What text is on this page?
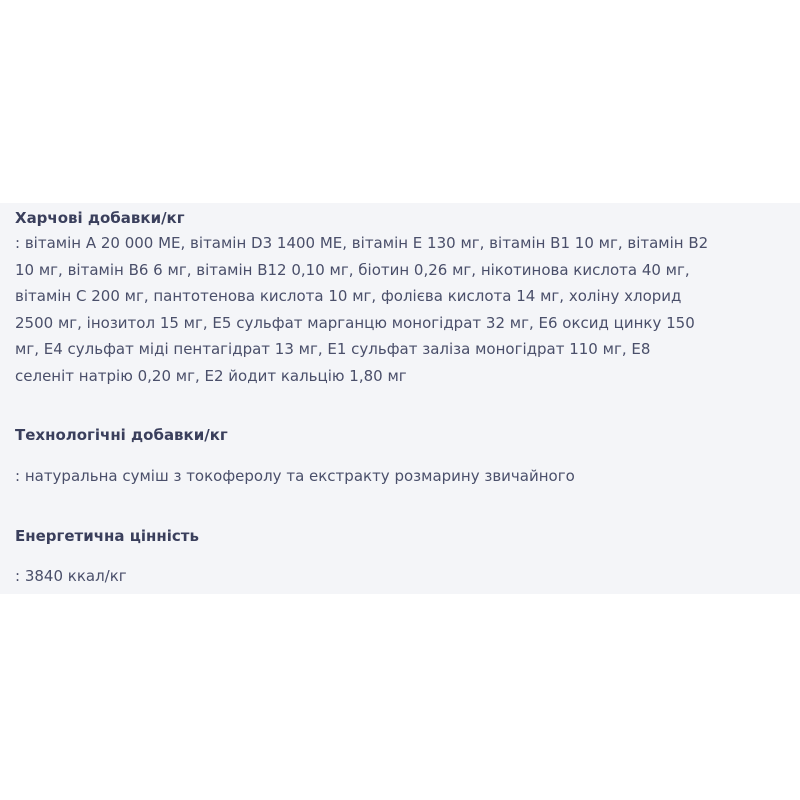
Харчові добавки/кг
: вітамін А 20 000 МЕ, вітамін D3 1400 МЕ, вітамін Е 130 мг, вітамін В1 10 мг, вітамін В2
10 мг, вітамін В6 6 мг, вітамін В12 0,10 мг, біотин 0,26 мг, нікотинова кислота 40 мг,
вітамін С 200 мг, пантотенова кислота 10 мг, фолієва кислота 14 мг, холіну хлорид
2500 мг, інозитол 15 мг, Е5 сульфат марганцю моногідрат 32 мг, Е6 оксид цинку 150
мг, Е4 сульфат міді пентагідрат 13 мг, Е1 сульфат заліза моногідрат 110 мг, Е8
селеніт натрію 0,20 мг, Е2 йодит кальцію 1,80 мг
Технологічні добавки/кг
: натуральна суміш з токоферолу та екстракту розмарину звичайного
Енергетична цінність
: 3840 ккал/кг
